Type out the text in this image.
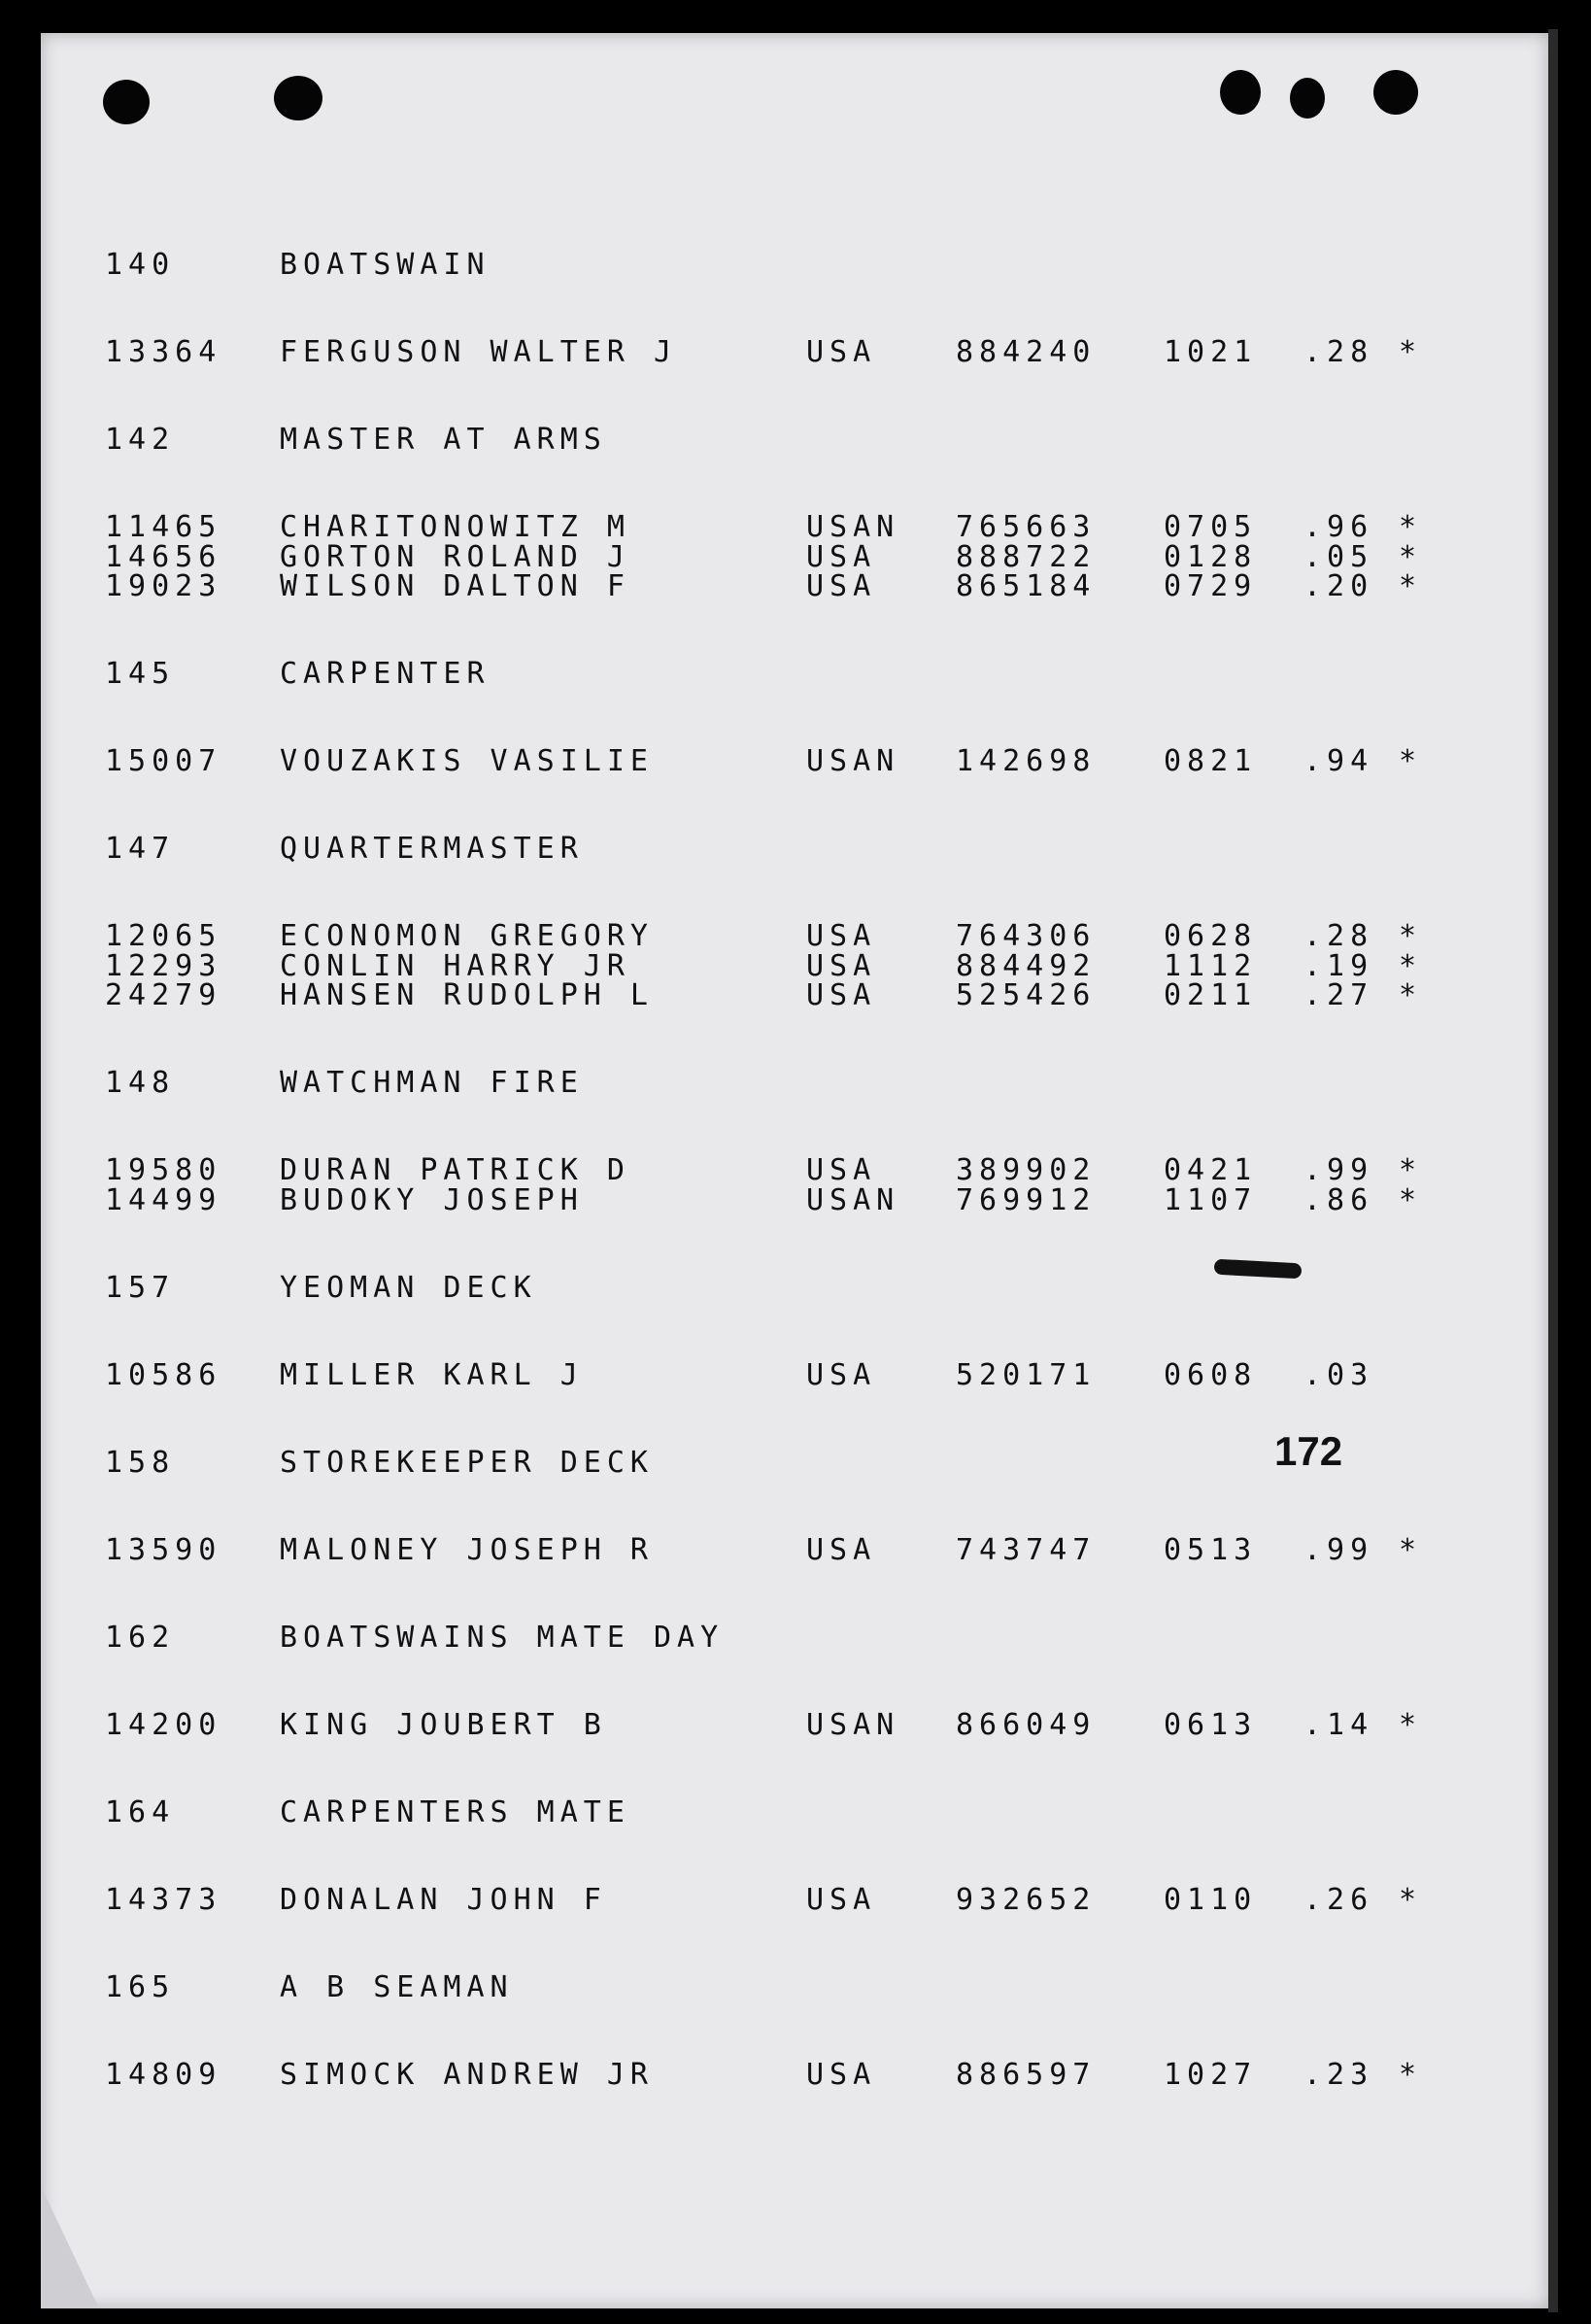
172
140	BOATSWAIN
13364 FERGUSON WALTER J	USA	884240 1021 .28 *
142	MASTER AT ARMS
11465 CHARITONOWITZ M	USAN 765663 0705 .96 *
14656 GORTON ROLAND J	USA	888722 0128 .05 *
19023 WILSON DALTON F	USA	865184 0729 .20 *
145	CARPENTER
15007 VOUZAKIS VASILIE	USAN 142698 0821 .94 *
147	QUARTERMASTER
12065 ECONOMON GREGORY	USA	764306 0628 .28 *
12293 CONLIN HARRY JR	USA	884492 1112 .19 *
24279 HANSEN RUDOLPH L	USA	525426 0211 .27 *
148	WATCHMAN FIRE
19580 DURAN PATRICK D	USA	389902 0421 .99 *
14499 BUDOKY JOSEPH	USAN 769912 1107 .86 *
157	YEOMAN DECK
10586 MILLER KARL J	USA	520171 0608 .03
158	STOREKEEPER DECK
13590 MALONEY JOSEPH R	USA	743747 0513 .99 *
162	BOATSWAINS MATE DAY
14200 KING JOUBERT B	USAN 866049 0613 .14 *
164	CARPENTERS MATE
14373 DONALAN JOHN F	USA	932652 0110 .26 *
165	A B SEAMAN
14809 SIMOCK ANDREW JR	USA	886597 1027 .23 *
